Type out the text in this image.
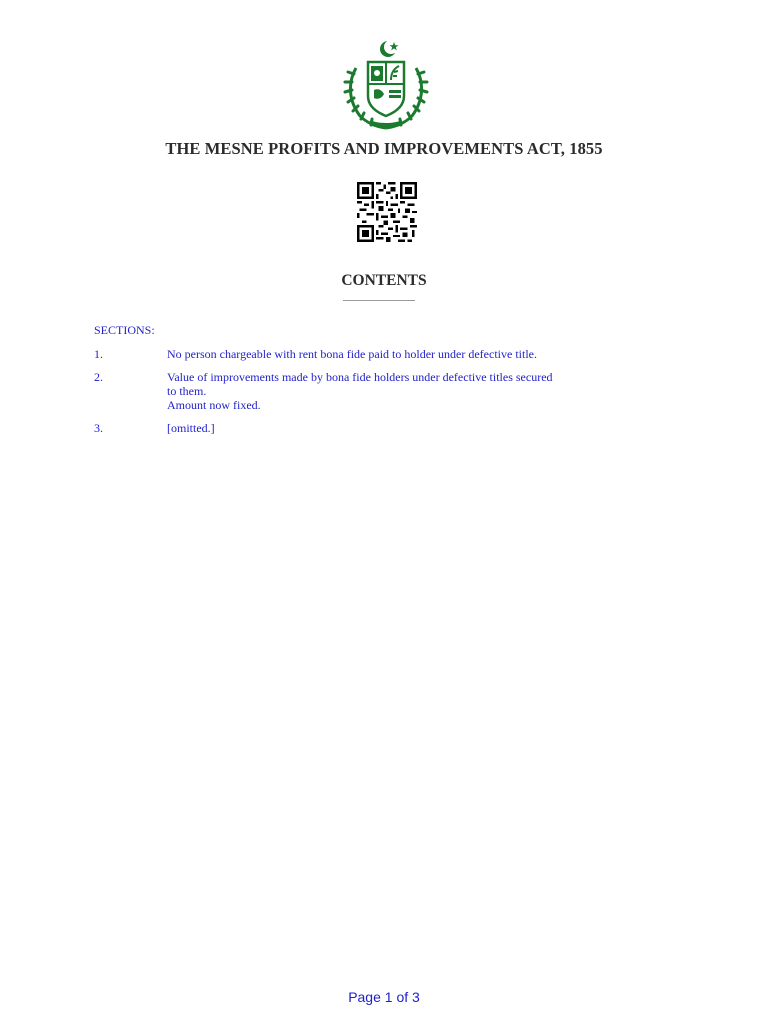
THE MESNE PROFITS AND IMPROVEMENTS ACT, 1855
CONTENTS

SECTIONS:

1.	No person chargeable with rent bona fide paid to holder under defective title.
2.	Value of improvements made by bona fide holders under defective titles secured
to them.
Amount now fixed.
3.	[omitted.]
Page 1 of 3
